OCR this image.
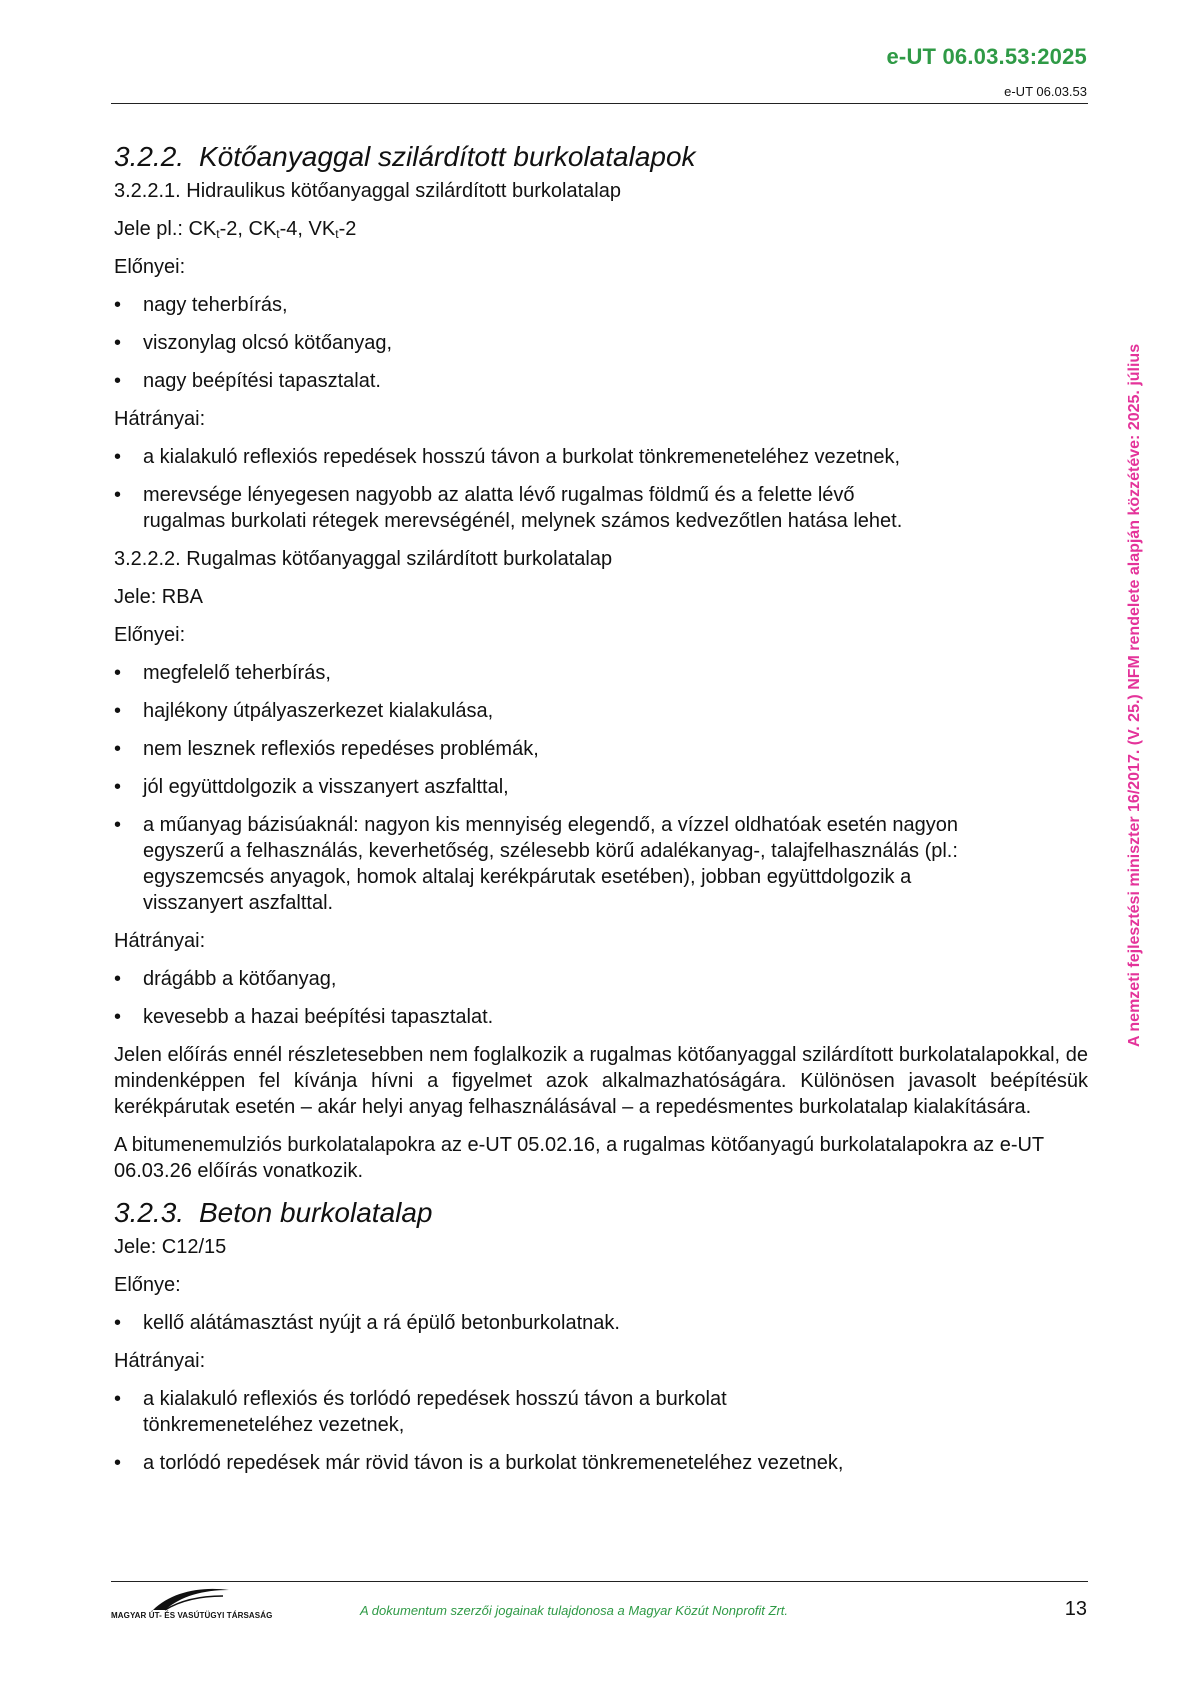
e-UT 06.03.53:2025
e-UT 06.03.53
A nemzeti fejlesztési miniszter 16/2017. (V. 25.) NFM rendelete alapján közzétéve: 2025. július
3.2.2. Kötőanyaggal szilárdított burkolatalapok
3.2.2.1. Hidraulikus kötőanyaggal szilárdított burkolatalap
Jele pl.: $CK_t-2$, $CK_t-4$, $VK_t-2$
Előnyei:
• nagy teherbírás,
• viszonylag olcsó kötőanyag,
• nagy beépítési tapasztalat.
Hátrányai:
• a kialakuló reflexiós repedések hosszú távon a burkolat tönkremeneteléhez vezetnek,
• merevsége lényegesen nagyobb az alatta lévő rugalmas földmű és a felette lévő rugalmas burkolati rétegek merevségénél, melynek számos kedvezőtlen hatása lehet.
3.2.2.2. Rugalmas kötőanyaggal szilárdított burkolatalap
Jele: RBA
Előnyei:
• megfelelő teherbírás,
• hajlékony útpályaszerkezet kialakulása,
• nem lesznek reflexiós repedéses problémák,
• jól együttdolgozik a visszanyert aszfalttal,
• a műanyag bázisúaknál: nagyon kis mennyiség elegendő, a vízzel oldhatóak esetén nagyon egyszerű a felhasználás, keverhetőség, szélesebb körű adalékanyag-, talajfelhasználás (pl.: egyszemcsés anyagok, homok altalaj kerékpárutak esetében), jobban együttdolgozik a visszanyert aszfalttal.
Hátrányai:
• drágább a kötőanyag,
• kevesebb a hazai beépítési tapasztalat.
Jelen előírás ennél részletesebben nem foglalkozik a rugalmas kötőanyaggal szilárdított burkolatalapokkal, de mindenképpen fel kívánja hívni a figyelmet azok alkalmazhatóságára. Különösen javasolt beépítésük kerékpárutak esetén – akár helyi anyag felhasználásával – a repedésmentes burkolatalap kialakítására.
A bitumenemulziós burkolatalapokra az e-UT 05.02.16, a rugalmas kötőanyagú burkolatalapokra az e-UT 06.03.26 előírás vonatkozik.
3.2.3. Beton burkolatalap
Jele: C12/15
Előnye:
• kellő alátámasztást nyújt a rá épülő betonburkolatnak.
Hátrányai:
• a kialakuló reflexiós és torlódó repedések hosszú távon a burkolat tönkremeneteléhez vezetnek,
• a torlódó repedések már rövid távon is a burkolat tönkremeneteléhez vezetnek,
MAGYAR ÚT- ÉS VASÚTÜGYI TÁRSASÁG	A dokumentum szerzői jogainak tulajdonosa a Magyar Közút Nonprofit Zrt.	13
